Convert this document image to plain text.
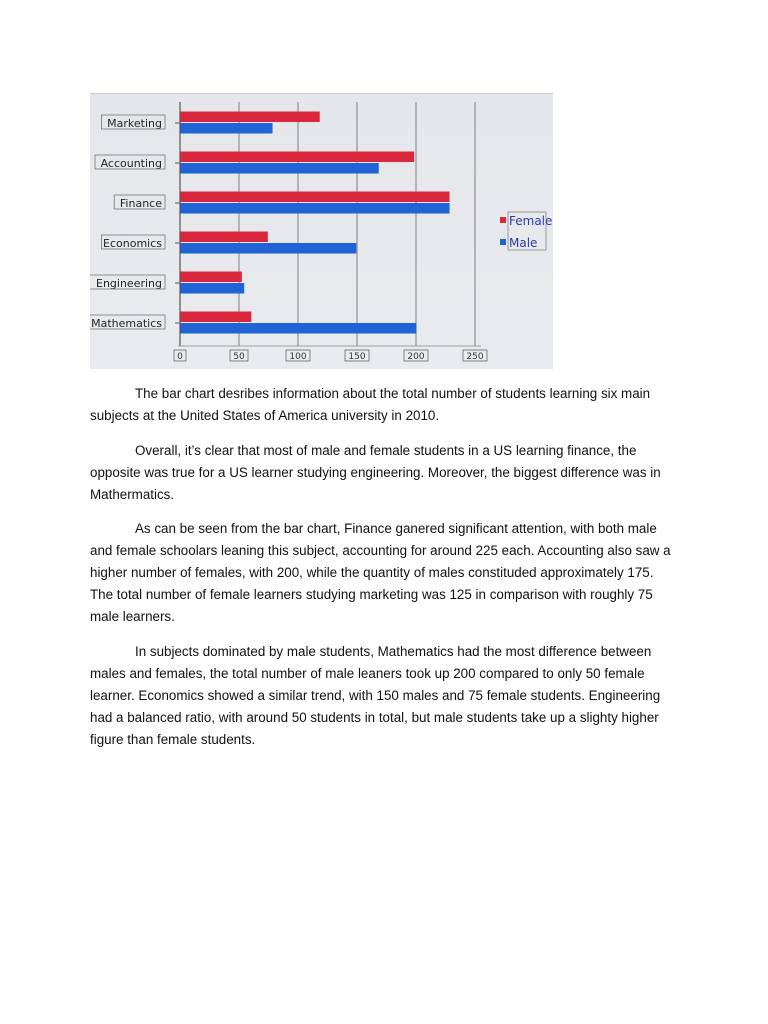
0	50	100	150	200	250
Marketing
Accounting
Finance
Economics
Engineering
Mathematics
Female
Male

The bar chart desribes information about the total number of students learning six main subjects at the United States of America university in 2010.

Overall, it’s clear that most of male and female students in a US learning finance, the opposite was true for a US learner studying engineering. Moreover, the biggest difference was in Mathermatics.

As can be seen from the bar chart, Finance ganered significant attention, with both male and female schoolars leaning this subject, accounting for around 225 each. Accounting also saw a higher number of females, with 200, while the quantity of males constituded approximately 175. The total number of female learners studying marketing was 125 in comparison with roughly 75 male learners.

In subjects dominated by male students, Mathematics had the most difference between males and females, the total number of male leaners took up 200 compared to only 50 female learner. Economics showed a similar trend, with 150 males and 75 female students. Engineering had a balanced ratio, with around 50 students in total, but male students take up a slighty higher figure than female students.
